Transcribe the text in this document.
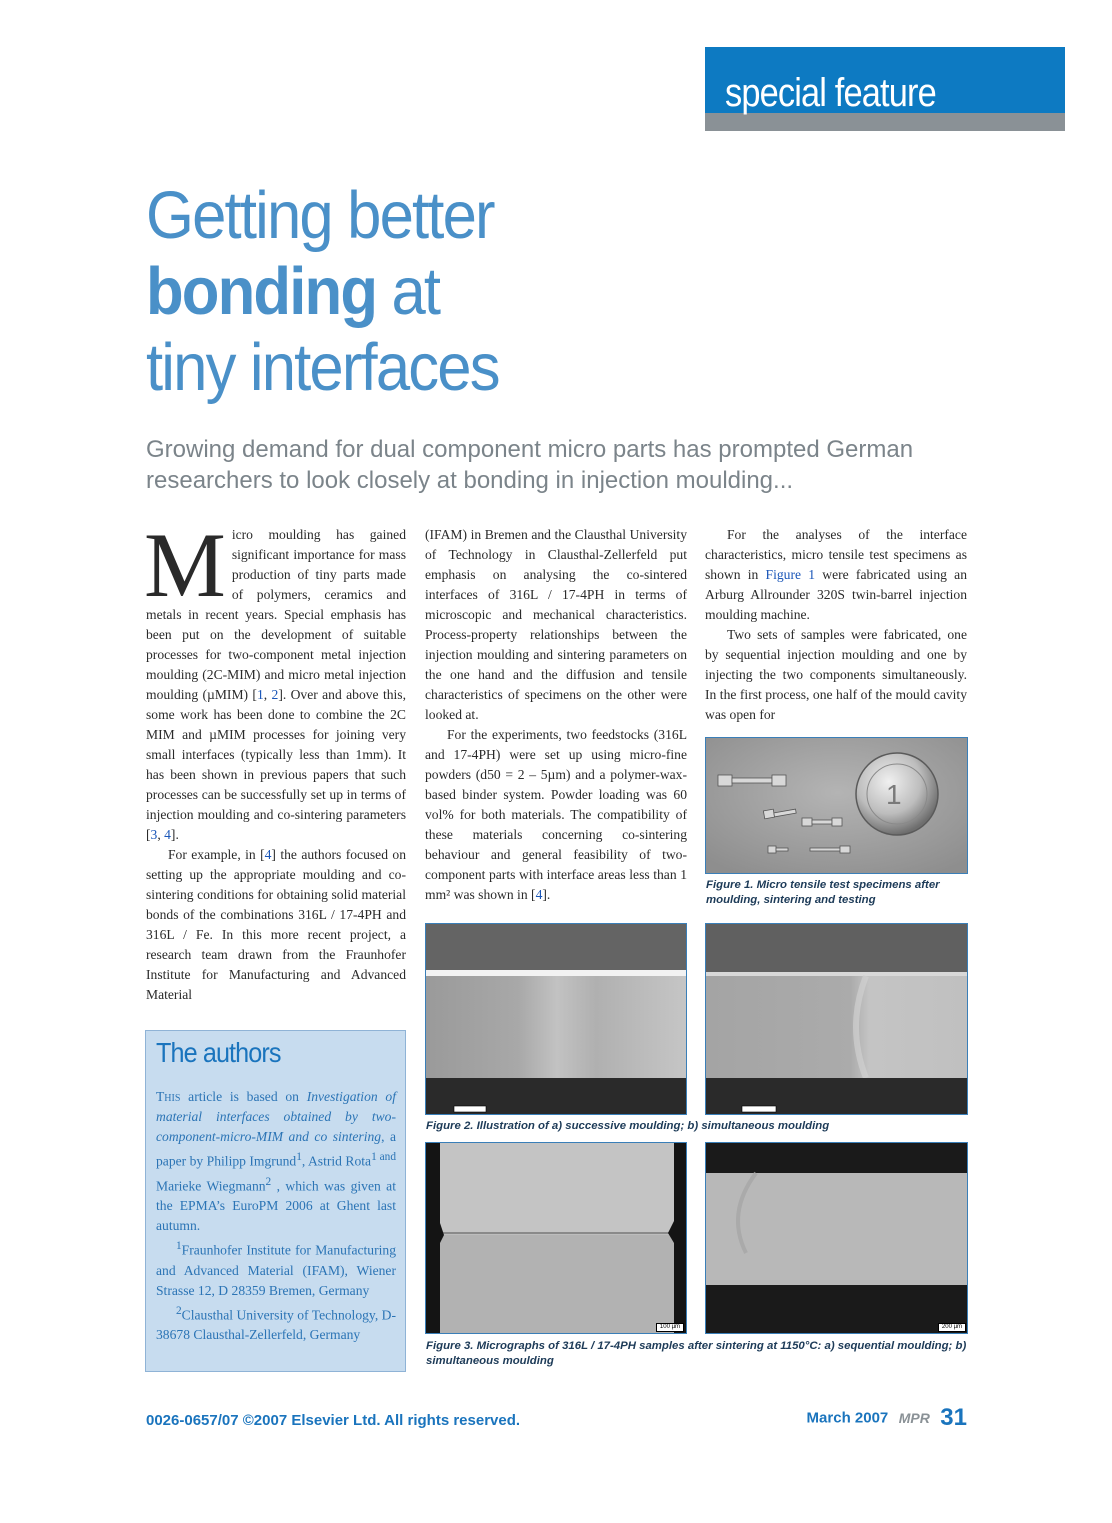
special feature
Getting better
bonding at
tiny interfaces
Growing demand for dual component micro parts has prompted German researchers to look closely at bonding in injection moulding...

Micro moulding has gained significant importance for mass production of tiny parts made of polymers, ceramics and metals in recent years. Special emphasis has been put on the development of suitable processes for two-component metal injection moulding (2C-MIM) and micro metal injection moulding (µMIM) [1, 2]. Over and above this, some work has been done to combine the 2C MIM and µMIM processes for joining very small interfaces (typically less than 1mm). It has been shown in previous papers that such processes can be successfully set up in terms of injection moulding and co-sintering parameters [3, 4].

For example, in [4] the authors focused on setting up the appropriate moulding and co-sintering conditions for obtaining solid material bonds of the combinations 316L / 17-4PH and 316L / Fe. In this more recent project, a research team drawn from the Fraunhofer Institute for Manufacturing and Advanced Material

(IFAM) in Bremen and the Clausthal University of Technology in Clausthal-Zellerfeld put emphasis on analysing the co-sintered interfaces of 316L / 17-4PH in terms of microscopic and mechanical characteristics. Process-property relationships between the injection moulding and sintering parameters on the one hand and the diffusion and tensile characteristics of specimens on the other were looked at.

For the experiments, two feedstocks (316L and 17-4PH) were set up using micro-fine powders (d50 = 2 – 5µm) and a polymer-wax-based binder system. Powder loading was 60 vol% for both materials. The compatibility of these materials concerning co-sintering behaviour and general feasibility of two-component parts with interface areas less than 1 mm² was shown in [4].

For the analyses of the interface characteristics, micro tensile test specimens as shown in Figure 1 were fabricated using an Arburg Allrounder 320S twin-barrel injection moulding machine.

Two sets of samples were fabricated, one by sequential injection moulding and one by injecting the two components simultaneously. In the first process, one half of the mould cavity was open for

The authors

This article is based on Investigation of material interfaces obtained by two-component-micro-MIM and co sintering, a paper by Philipp Imgrund$^1$, Astrid Rota$^{1 and}$ Marieke Wiegmann$^2$ , which was given at the EPMA’s EuroPM 2006 at Ghent last autumn.

$^1$Fraunhofer Institute for Manufacturing and Advanced Material (IFAM), Wiener Strasse 12, D 28359 Bremen, Germany

$^2$Clausthal University of Technology, D-38678 Clausthal-Zellerfeld, Germany

1
Figure 1. Micro tensile test specimens after moulding, sintering and testing
Figure 2. Illustration of a) successive moulding; b) simultaneous moulding
100 µm	200 µm
Figure 3. Micrographs of 316L / 17-4PH samples after sintering at 1150°C: a) sequential moulding; b) simultaneous moulding
0026-0657/07 ©2007 Elsevier Ltd. All rights reserved.	March 2007 MPR 31
